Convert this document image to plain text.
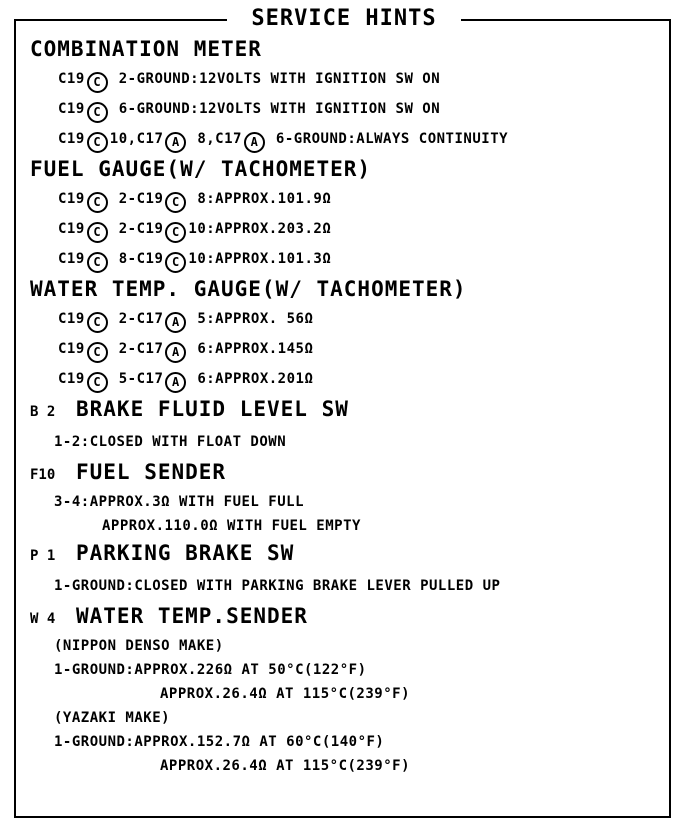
SERVICE HINTS
COMBINATION METER
C19 C 2-GROUND:12VOLTS WITH IGNITION SW ON
C19 C 6-GROUND:12VOLTS WITH IGNITION SW ON
C19 C 10,C17 A 8,C17 A 6-GROUND:ALWAYS CONTINUITY
FUEL GAUGE(W/ TACHOMETER)
C19 C 2-C19 C 8:APPROX.101.9Ω
C19 C 2-C19 C 10:APPROX.203.2Ω
C19 C 8-C19 C 10:APPROX.101.3Ω
WATER TEMP. GAUGE(W/ TACHOMETER)
C19 C 2-C17 A 5:APPROX. 56Ω
C19 C 2-C17 A 6:APPROX.145Ω
C19 C 5-C17 A 6:APPROX.201Ω
B 2 BRAKE FLUID LEVEL SW
1-2:CLOSED WITH FLOAT DOWN
F10 FUEL SENDER
3-4:APPROX.3Ω WITH FUEL FULL
APPROX.110.0Ω WITH FUEL EMPTY
P 1 PARKING BRAKE SW
1-GROUND:CLOSED WITH PARKING BRAKE LEVER PULLED UP
W 4 WATER TEMP.SENDER
(NIPPON DENSO MAKE)
1-GROUND:APPROX.226Ω AT 50°C(122°F)
APPROX.26.4Ω AT 115°C(239°F)
(YAZAKI MAKE)
1-GROUND:APPROX.152.7Ω AT 60°C(140°F)
APPROX.26.4Ω AT 115°C(239°F)
